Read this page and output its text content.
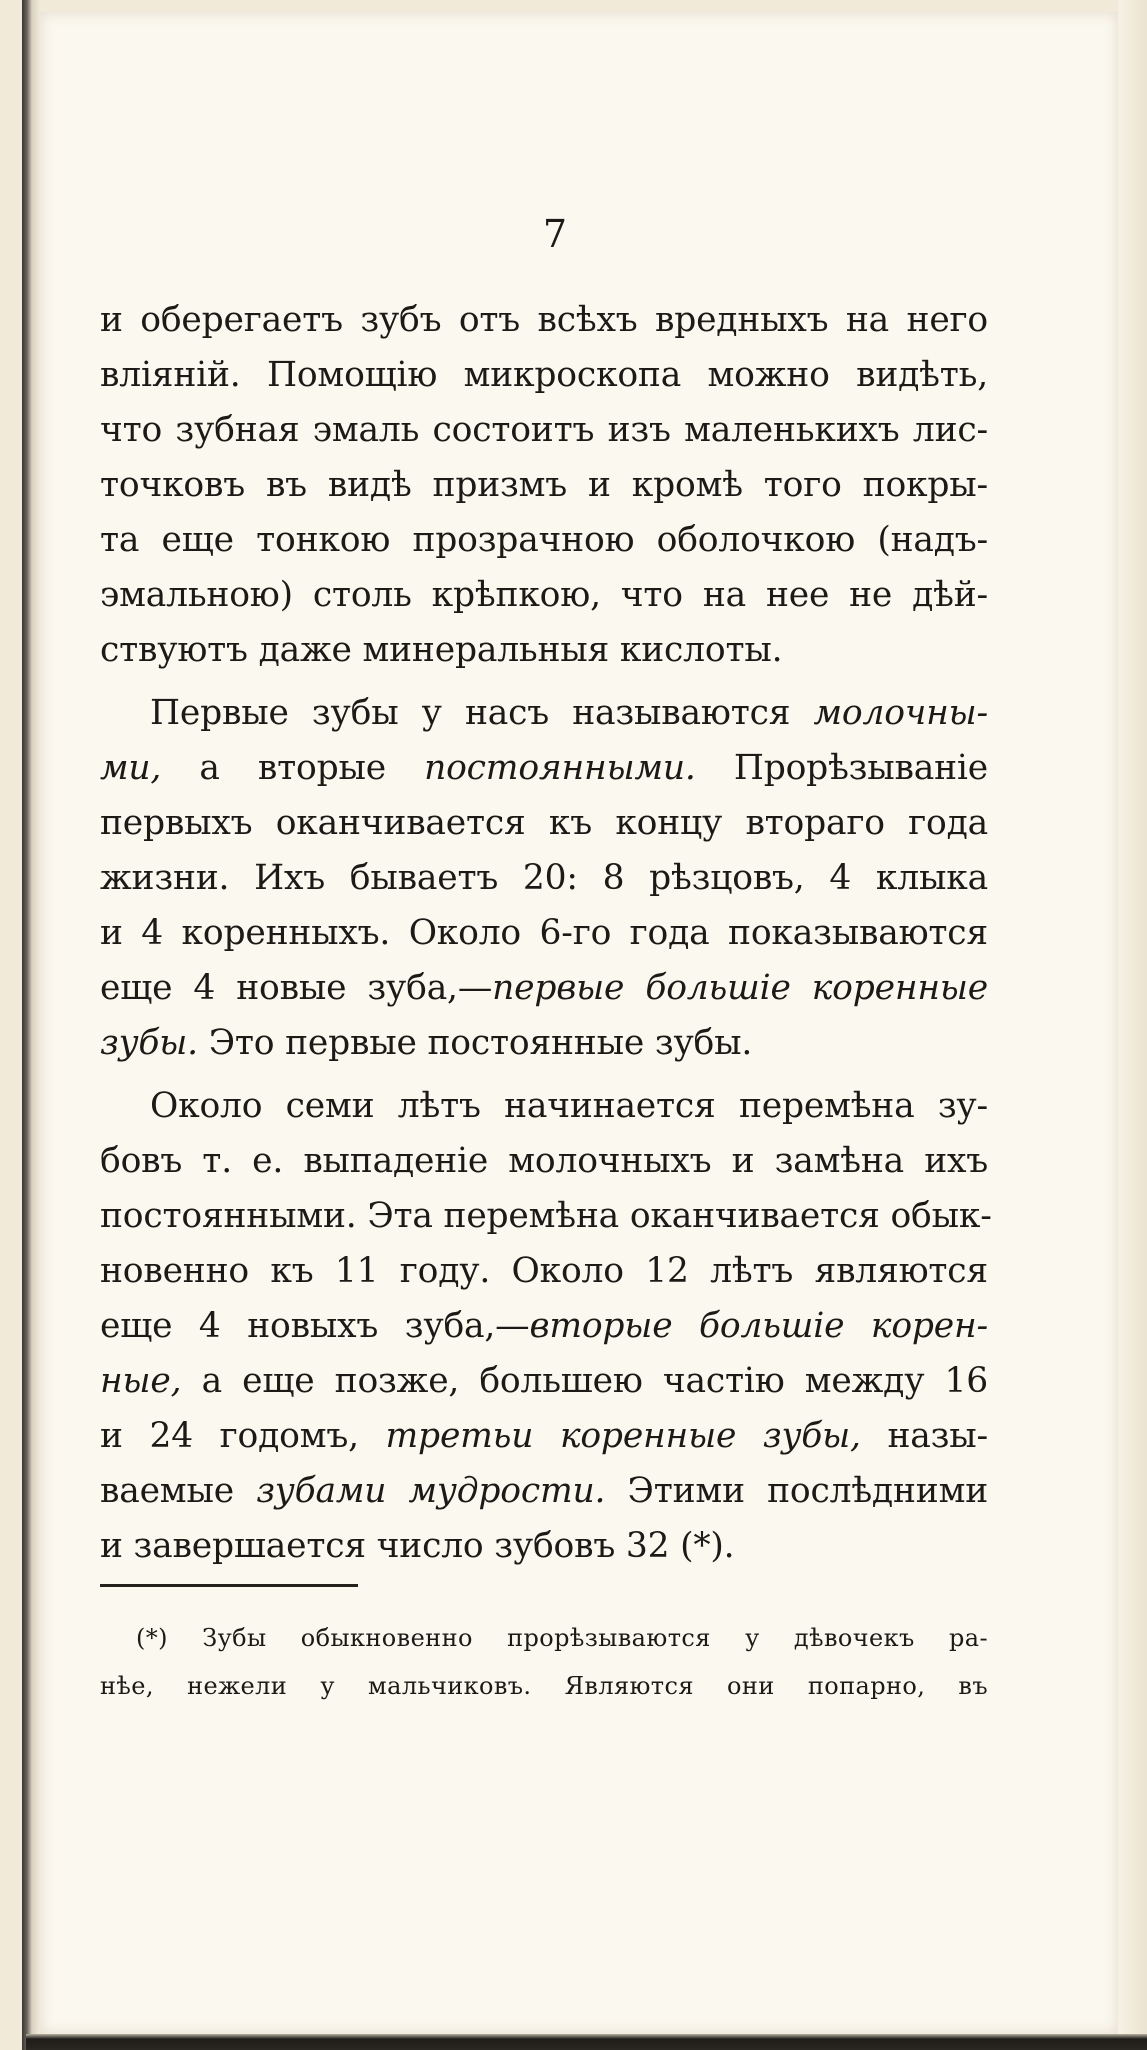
7
и оберегаетъ зубъ отъ всѣхъ вредныхъ на него
вліяній. Помощію микроскопа можно видѣть,
что зубная эмаль состоитъ изъ маленькихъ лис-
точковъ въ видѣ призмъ и кромѣ того покры-
та еще тонкою прозрачною оболочкою (надъ-
эмальною) столь крѣпкою, что на нее не дѣй-
ствуютъ даже минеральныя кислоты.
Первые зубы у насъ называются молочны-
ми, а вторые постоянными. Прорѣзываніе
первыхъ оканчивается къ концу втораго года
жизни. Ихъ бываетъ 20: 8 рѣзцовъ, 4 клыка
и 4 коренныхъ. Около 6-го года показываются
еще 4 новые зуба,—первые большіе коренные
зубы. Это первые постоянные зубы.
Около семи лѣтъ начинается перемѣна зу-
бовъ т. е. выпаденіе молочныхъ и замѣна ихъ
постоянными. Эта перемѣна оканчивается обык-
новенно къ 11 году. Около 12 лѣтъ являются
еще 4 новыхъ зуба,—вторые большіе корен-
ные, а еще позже, большею частію между 16
и 24 годомъ, третьи коренные зубы, назы-
ваемые зубами мудрости. Этими послѣдними
и завершается число зубовъ 32 (*).
(*) Зубы обыкновенно прорѣзываются у дѣвочекъ ра-
нѣе, нежели у мальчиковъ. Являются они попарно, въ
